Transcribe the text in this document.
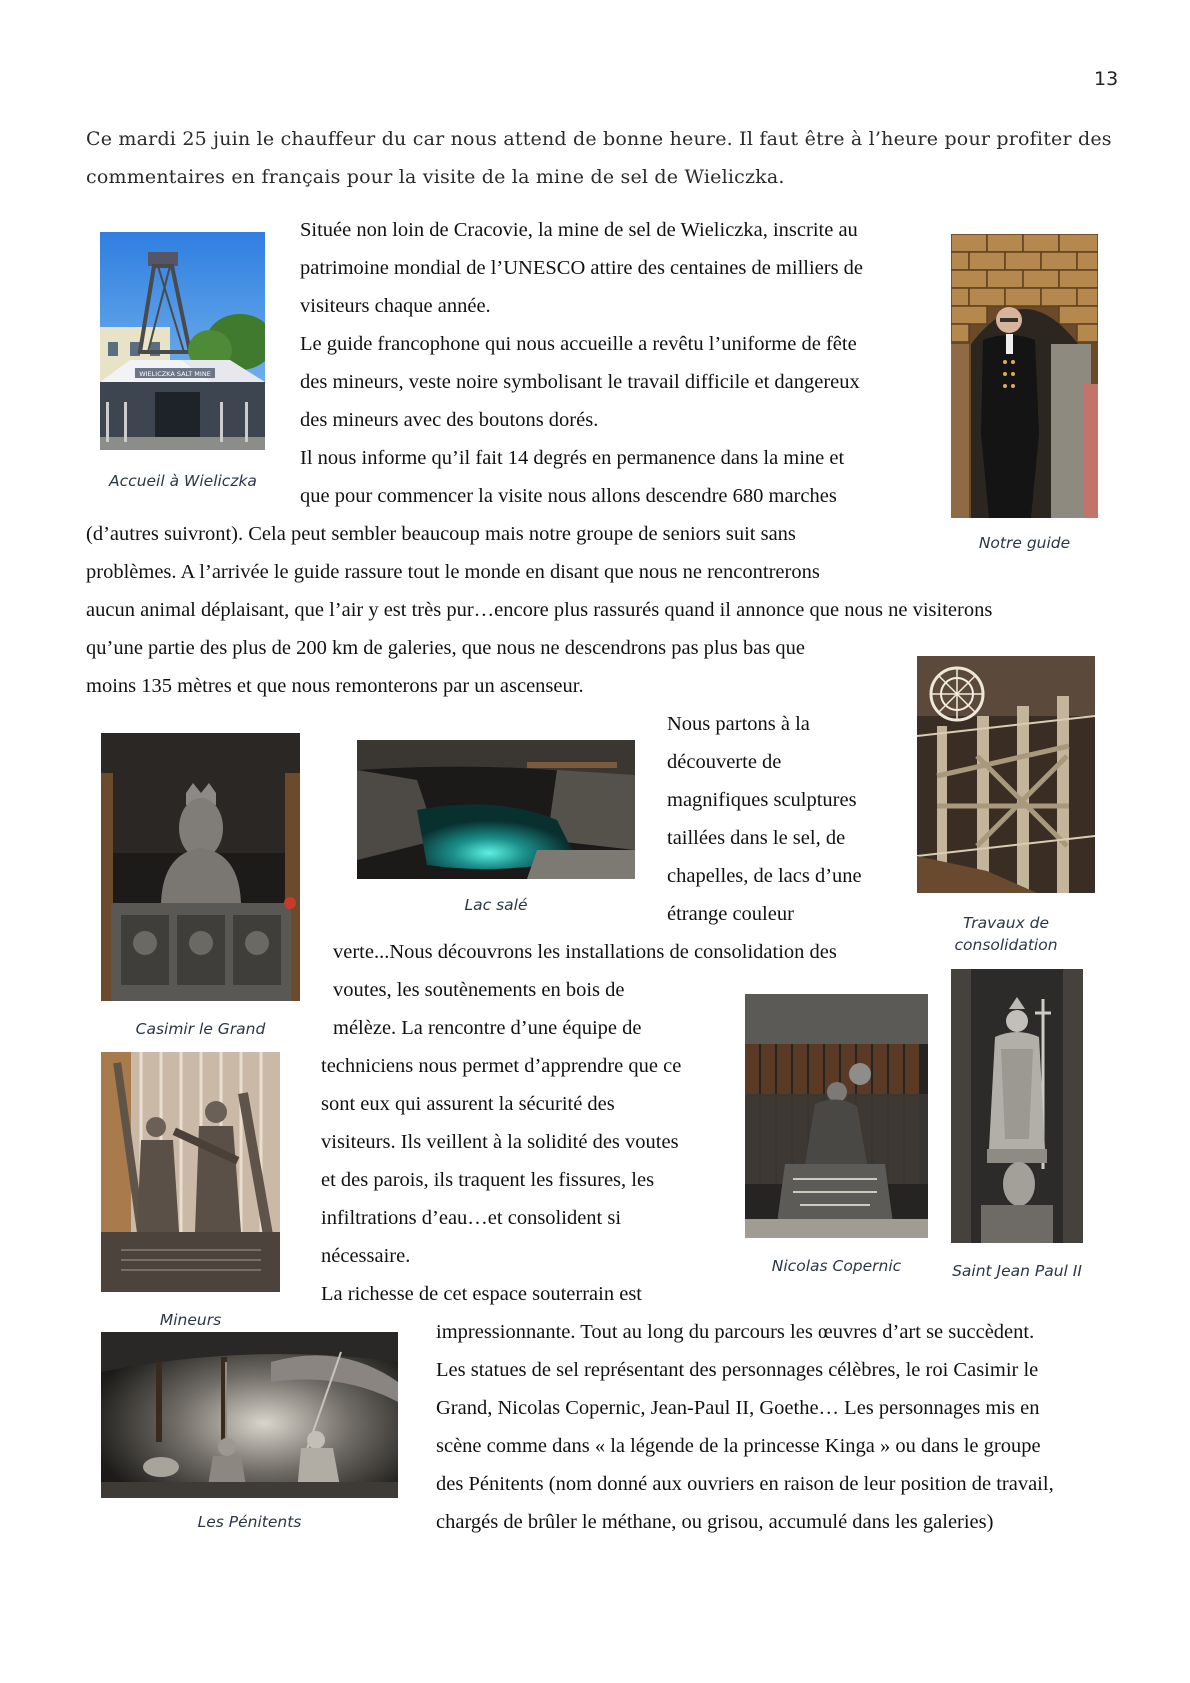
13
Ce mardi 25 juin le chauffeur du car nous attend de bonne heure. Il faut être à l’heure pour profiter des
commentaires en français pour la visite de la mine de sel de Wieliczka.
Située non loin de Cracovie, la mine de sel de Wieliczka, inscrite au
patrimoine mondial de l’UNESCO attire des centaines de milliers de
visiteurs chaque année.
Le guide francophone qui nous accueille a revêtu l’uniforme de fête
des mineurs, veste noire symbolisant le travail difficile et dangereux
des mineurs avec des boutons dorés.
Il nous informe qu’il fait 14 degrés en permanence dans la mine et
que pour commencer la visite nous allons descendre 680 marches
(d’autres suivront). Cela peut sembler beaucoup mais notre groupe de seniors suit sans
problèmes. A l’arrivée le guide rassure tout le monde en disant que nous ne rencontrerons
aucun animal déplaisant, que l’air y est très pur…encore plus rassurés quand il annonce que nous ne visiterons
qu’une partie des plus de 200 km de galeries, que nous ne descendrons pas plus bas que
moins 135 mètres et que nous remonterons par un ascenseur.
Nous partons à la
découverte de
magnifiques sculptures
taillées dans le sel, de
chapelles, de lacs d’une
étrange couleur
verte...Nous découvrons les installations de consolidation des
voutes, les soutènements en bois de
mélèze. La rencontre d’une équipe de
techniciens nous permet d’apprendre que ce
sont eux qui assurent la sécurité des
visiteurs. Ils veillent à la solidité des voutes
et des parois, ils traquent les fissures, les
infiltrations d’eau…et consolident si
nécessaire.
La richesse de cet espace souterrain est
impressionnante. Tout au long du parcours les œuvres d’art se succèdent.
Les statues de sel représentant des personnages célèbres, le roi Casimir le
Grand, Nicolas Copernic, Jean-Paul II, Goethe… Les personnages mis en
scène comme dans « la légende de la princesse Kinga » ou dans le groupe
des Pénitents (nom donné aux ouvriers en raison de leur position de travail,
chargés de brûler le méthane, ou grisou, accumulé dans les galeries)
WIELICZKA SALT MINE
Accueil à Wieliczka
Notre guide
Travaux de
consolidation
Casimir le Grand
Lac salé
Mineurs
Nicolas Copernic	Saint Jean Paul II
Les Pénitents
